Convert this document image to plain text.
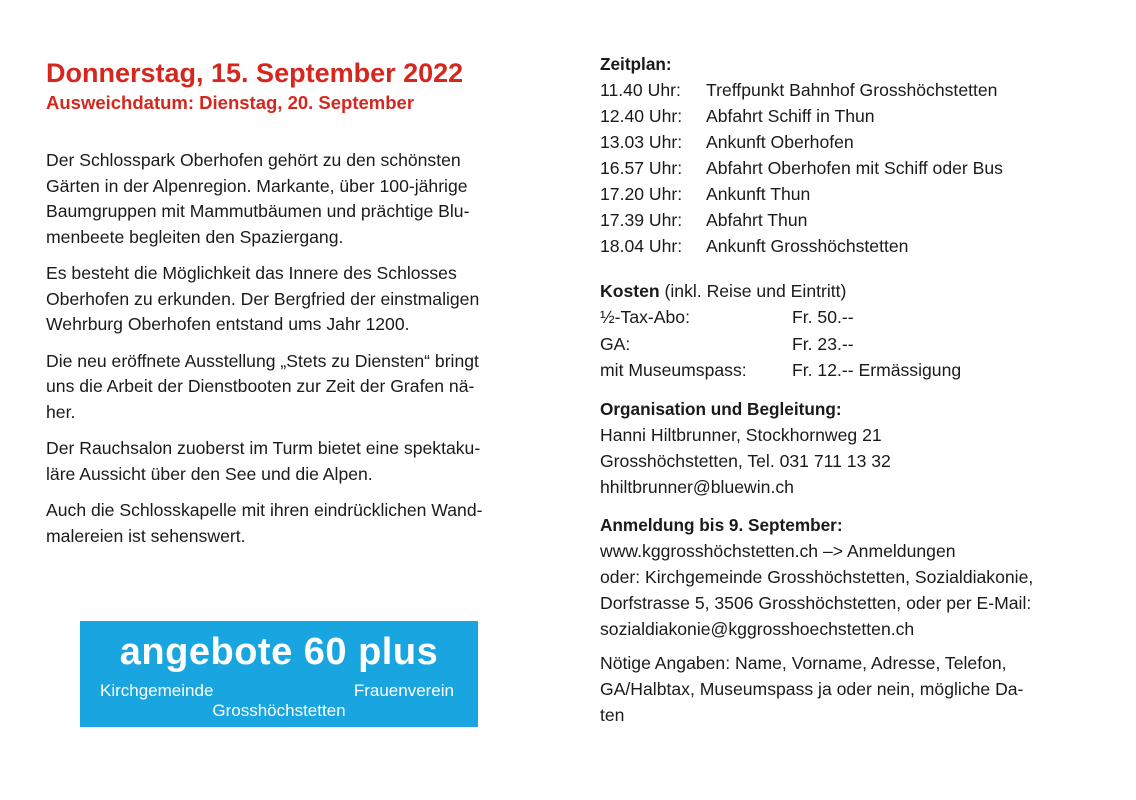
Donnerstag, 15. September 2022
Ausweichdatum: Dienstag, 20. September
Der Schlosspark Oberhofen gehört zu den schönsten
Gärten in der Alpenregion. Markante, über 100-jährige
Baumgruppen mit Mammutbäumen und prächtige Blu-
menbeete begleiten den Spaziergang.
Es besteht die Möglichkeit das Innere des Schlosses
Oberhofen zu erkunden. Der Bergfried der einstmaligen
Wehrburg Oberhofen entstand ums Jahr 1200.
Die neu eröffnete Ausstellung „Stets zu Diensten“ bringt
uns die Arbeit der Dienstbooten zur Zeit der Grafen nä-
her.
Der Rauchsalon zuoberst im Turm bietet eine spektaku-
läre Aussicht über den See und die Alpen.
Auch die Schlosskapelle mit ihren eindrücklichen Wand-
malereien ist sehenswert.
angebote 60 plus
Kirchgemeinde	Frauenverein
Grosshöchstetten
Zeitplan:
11.40 Uhr:	Treffpunkt Bahnhof Grosshöchstetten
12.40 Uhr:	Abfahrt Schiff in Thun
13.03 Uhr:	Ankunft Oberhofen
16.57 Uhr:	Abfahrt Oberhofen mit Schiff oder Bus
17.20 Uhr:	Ankunft Thun
17.39 Uhr:	Abfahrt Thun
18.04 Uhr:	Ankunft Grosshöchstetten
Kosten (inkl. Reise und Eintritt)
½-Tax-Abo:	Fr. 50.--
GA:	Fr. 23.--
mit Museumspass:	Fr. 12.-- Ermässigung
Organisation und Begleitung:
Hanni Hiltbrunner, Stockhornweg 21
Grosshöchstetten, Tel. 031 711 13 32
hhiltbrunner@bluewin.ch
Anmeldung bis 9. September:
www.kggrosshöchstetten.ch –> Anmeldungen
oder: Kirchgemeinde Grosshöchstetten, Sozialdiakonie,
Dorfstrasse 5, 3506 Grosshöchstetten, oder per E-Mail:
sozialdiakonie@kggrosshoechstetten.ch
Nötige Angaben: Name, Vorname, Adresse, Telefon,
GA/Halbtax, Museumspass ja oder nein, mögliche Da-
ten
